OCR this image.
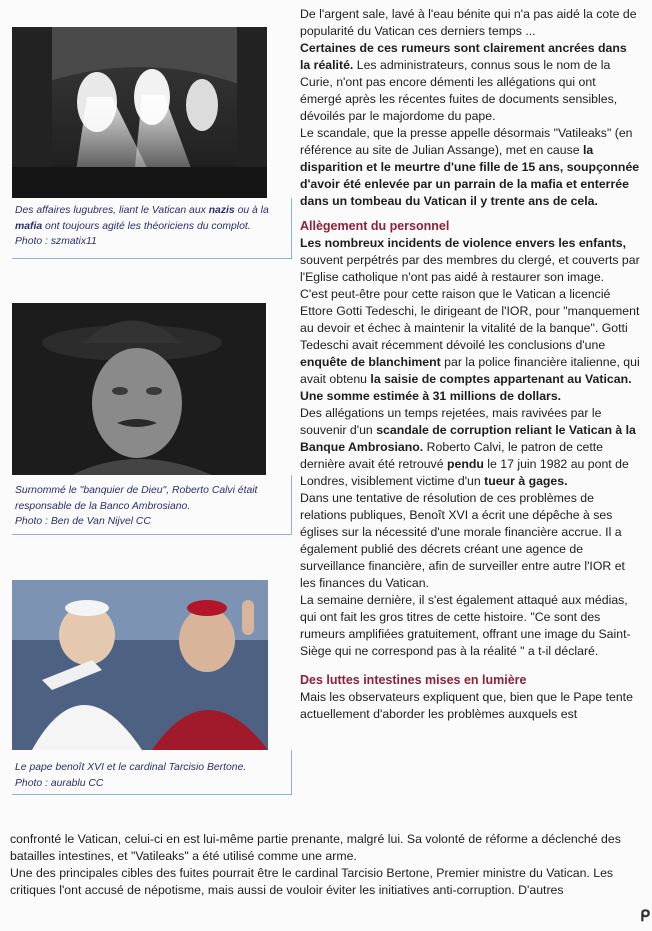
Des affaires lugubres, liant le Vatican aux nazis ou à la mafia ont toujours agité les théoriciens du complot.
Photo : szmatix11
Surnommé le "banquier de Dieu", Roberto Calvi était responsable de la Banco Ambrosiano.
Photo : Ben de Van Nijvel CC
Le pape benoît XVI et le cardinal Tarcisio Bertone.
Photo : aurablu CC

De l'argent sale, lavé à l'eau bénite qui n'a pas aidé la cote de popularité du Vatican ces derniers temps ...

Certaines de ces rumeurs sont clairement ancrées dans la réalité. Les administrateurs, connus sous le nom de la Curie, n'ont pas encore démenti les allégations qui ont émergé après les récentes fuites de documents sensibles, dévoilés par le majordome du pape.

Le scandale, que la presse appelle désormais "Vatileaks" (en référence au site de Julian Assange), met en cause la disparition et le meurtre d'une fille de 15 ans, soupçonnée d'avoir été enlevée par un parrain de la mafia et enterrée dans un tombeau du Vatican il y trente ans de cela.

Allègement du personnel

Les nombreux incidents de violence envers les enfants, souvent perpétrés par des membres du clergé, et couverts par l'Eglise catholique n'ont pas aidé à restaurer son image.

C'est peut-être pour cette raison que le Vatican a licencié Ettore Gotti Tedeschi, le dirigeant de l'IOR, pour "manquement au devoir et échec à maintenir la vitalité de la banque". Gotti Tedeschi avait récemment dévoilé les conclusions d'une enquête de blanchiment par la police financière italienne, qui avait obtenu la saisie de comptes appartenant au Vatican.

Une somme estimée à 31 millions de dollars.

Des allégations un temps rejetées, mais ravivées par le souvenir d'un scandale de corruption reliant le Vatican à la Banque Ambrosiano. Roberto Calvi, le patron de cette dernière avait été retrouvé pendu le 17 juin 1982 au pont de Londres, visiblement victime d'un tueur à gages.

Dans une tentative de résolution de ces problèmes de relations publiques, Benoît XVI a écrit une dépêche à ses églises sur la nécessité d'une morale financière accrue. Il a également publié des décrets créant une agence de surveillance financière, afin de surveiller entre autre l'IOR et les finances du Vatican.

La semaine dernière, il s'est également attaqué aux médias, qui ont fait les gros titres de cette histoire. "Ce sont des rumeurs amplifiées gratuitement, offrant une image du Saint-Siège qui ne correspond pas à la réalité " a t-il déclaré.

Des luttes intestines mises en lumière

Mais les observateurs expliquent que, bien que le Pape tente actuellement d'aborder les problèmes auxquels est

confronté le Vatican, celui-ci en est lui-même partie prenante, malgré lui. Sa volonté de réforme a déclenché des batailles intestines, et "Vatileaks" a été utilisé comme une arme.

Une des principales cibles des fuites pourrait être le cardinal Tarcisio Bertone, Premier ministre du Vatican. Les critiques l'ont accusé de népotisme, mais aussi de vouloir éviter les initiatives anti-corruption. D'autres

ᑭ
